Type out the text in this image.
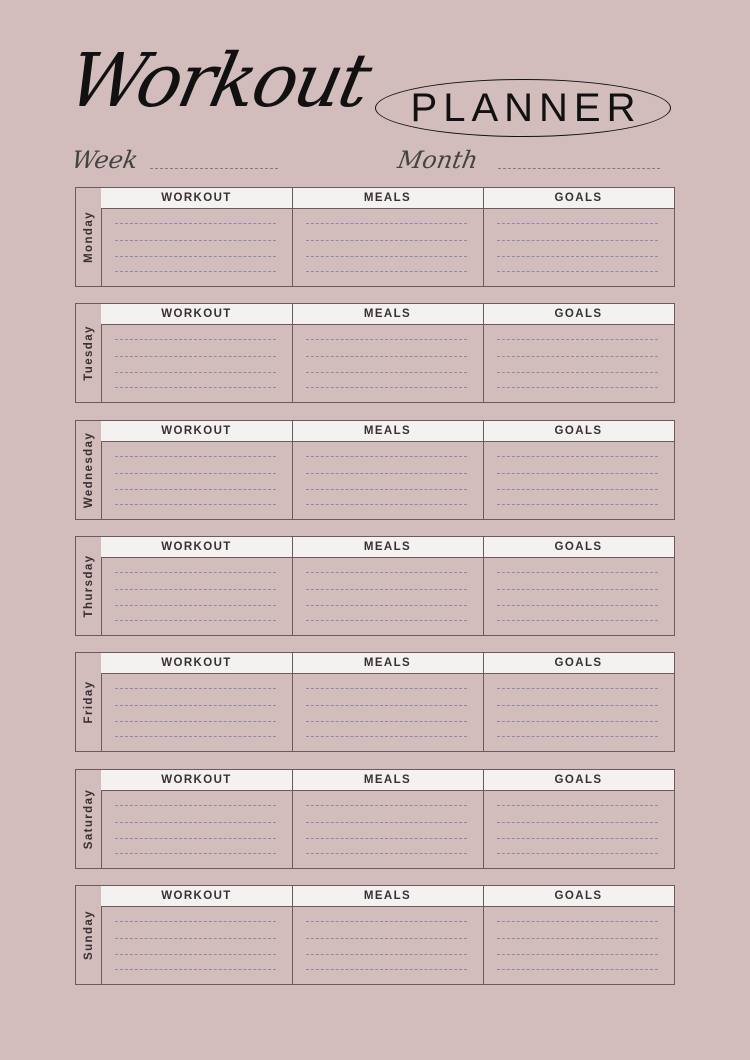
Workout PLANNER
Week	Month
Monday
WORKOUT	MEALS	GOALS
Tuesday
WORKOUT	MEALS	GOALS
Wednesday
WORKOUT	MEALS	GOALS
Thursday
WORKOUT	MEALS	GOALS
Friday
WORKOUT	MEALS	GOALS
Saturday
WORKOUT	MEALS	GOALS
Sunday
WORKOUT	MEALS	GOALS
